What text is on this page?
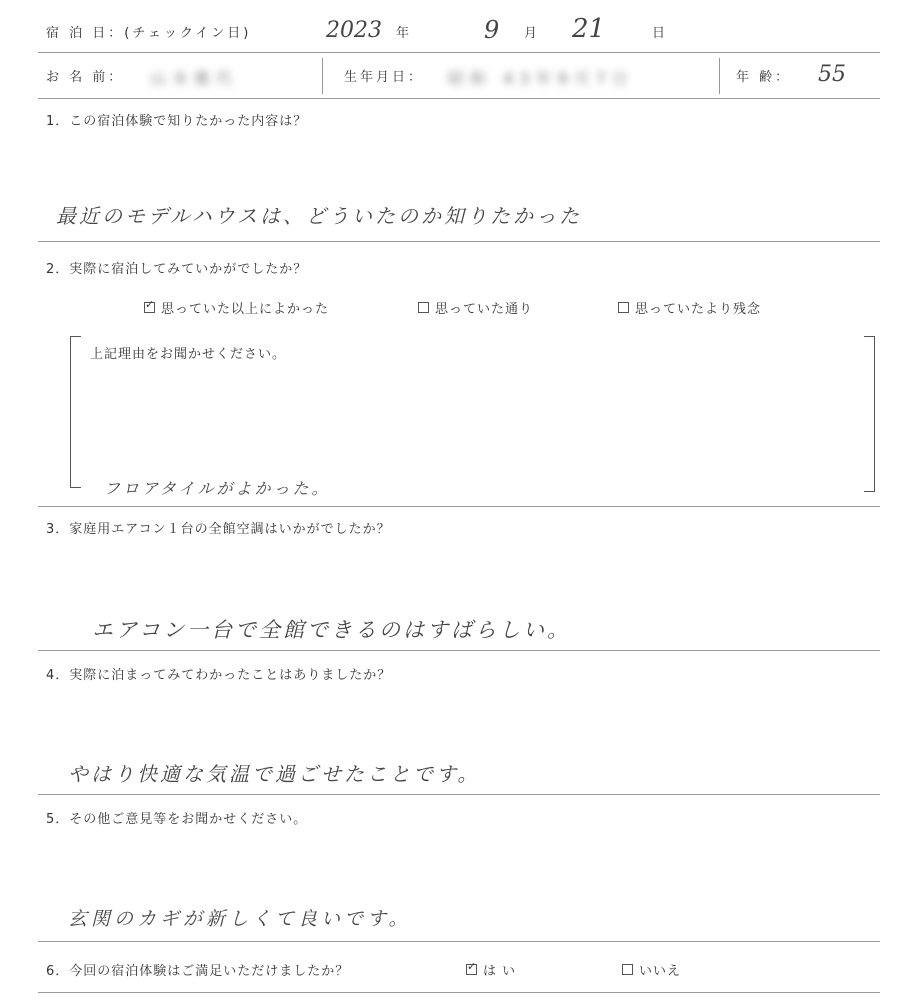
宿 泊 日：(チェックイン日)	2023 年	9 月 21	日
お 名 前： 山本雅代	生年月日： 昭和 43年9月7日	年 齢： 55
1．この宿泊体験で知りたかった内容は？
最近のモデルハウスは、どういたのか知りたかった
2．実際に宿泊してみていかがでしたか？
✓思っていた以上によかった	思っていた通り	思っていたより残念
上記理由をお聞かせください。
フロアタイルがよかった。
3．家庭用エアコン１台の全館空調はいかがでしたか？
エアコン一台で全館できるのはすばらしい。
4．実際に泊まってみてわかったことはありましたか？
やはり快適な気温で過ごせたことです。
5．その他ご意見等をお聞かせください。
玄関のカギが新しくて良いです。
6．今回の宿泊体験はご満足いただけましたか？
✓	は い	いいえ
